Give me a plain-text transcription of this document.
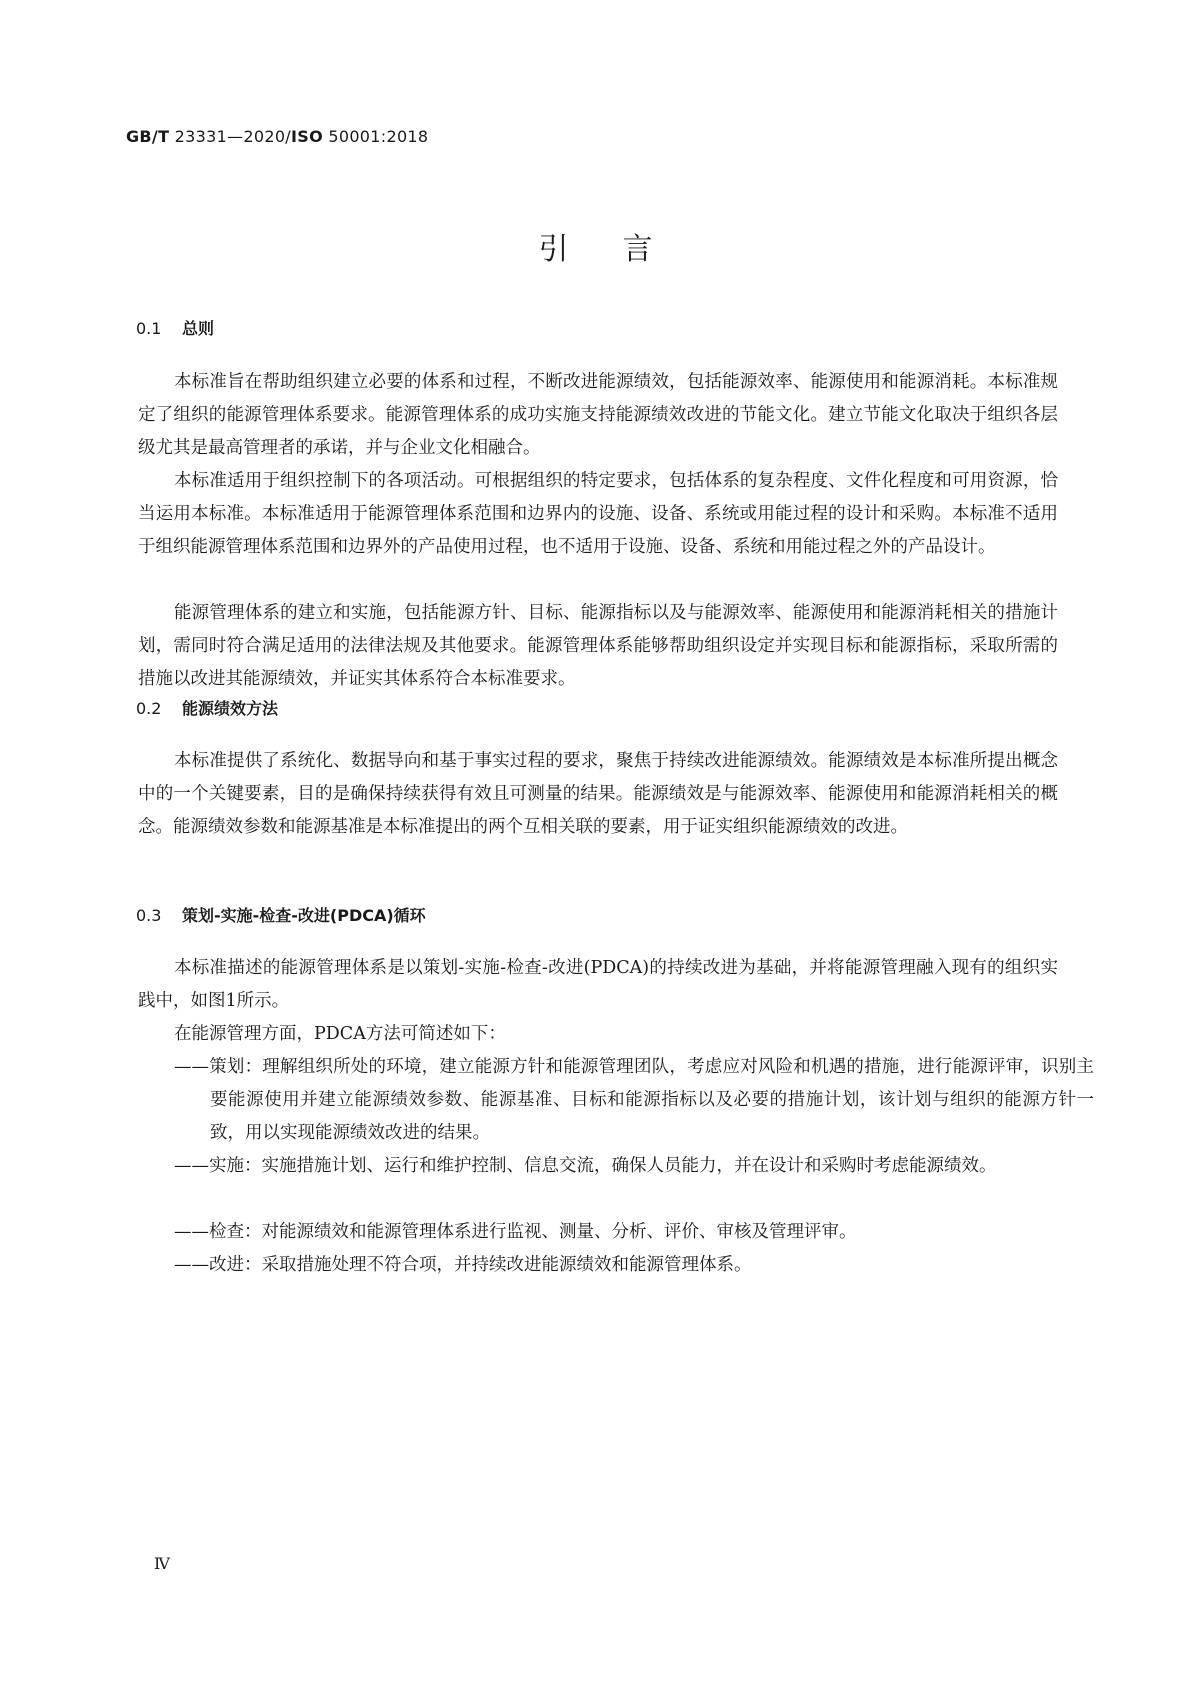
GB/T 23331—2020/ISO 50001:2018
引言
0.1 总则

本标准旨在帮助组织建立必要的体系和过程，不断改进能源绩效，包括能源效率、能源使用和能源消耗。本标准规定了组织的能源管理体系要求。能源管理体系的成功实施支持能源绩效改进的节能文化。建立节能文化取决于组织各层级尤其是最高管理者的承诺，并与企业文化相融合。

本标准适用于组织控制下的各项活动。可根据组织的特定要求，包括体系的复杂程度、文件化程度和可用资源，恰当运用本标准。本标准适用于能源管理体系范围和边界内的设施、设备、系统或用能过程的设计和采购。本标准不适用于组织能源管理体系范围和边界外的产品使用过程，也不适用于设施、设备、系统和用能过程之外的产品设计。

能源管理体系的建立和实施，包括能源方针、目标、能源指标以及与能源效率、能源使用和能源消耗相关的措施计划，需同时符合满足适用的法律法规及其他要求。能源管理体系能够帮助组织设定并实现目标和能源指标，采取所需的措施以改进其能源绩效，并证实其体系符合本标准要求。

0.2 能源绩效方法

本标准提供了系统化、数据导向和基于事实过程的要求，聚焦于持续改进能源绩效。能源绩效是本标准所提出概念中的一个关键要素，目的是确保持续获得有效且可测量的结果。能源绩效是与能源效率、能源使用和能源消耗相关的概念。能源绩效参数和能源基准是本标准提出的两个互相关联的要素，用于证实组织能源绩效的改进。

0.3 策划-实施-检查-改进(PDCA)循环

本标准描述的能源管理体系是以策划-实施-检查-改进(PDCA)的持续改进为基础，并将能源管理融入现有的组织实践中，如图1所示。

在能源管理方面，PDCA方法可简述如下：

——策划：理解组织所处的环境，建立能源方针和能源管理团队，考虑应对风险和机遇的措施，进行能源评审，识别主要能源使用并建立能源绩效参数、能源基准、目标和能源指标以及必要的措施计划，该计划与组织的能源方针一致，用以实现能源绩效改进的结果。

——实施：实施措施计划、运行和维护控制、信息交流，确保人员能力，并在设计和采购时考虑能源绩效。

——检查：对能源绩效和能源管理体系进行监视、测量、分析、评价、审核及管理评审。

——改进：采取措施处理不符合项，并持续改进能源绩效和能源管理体系。

Ⅳ
